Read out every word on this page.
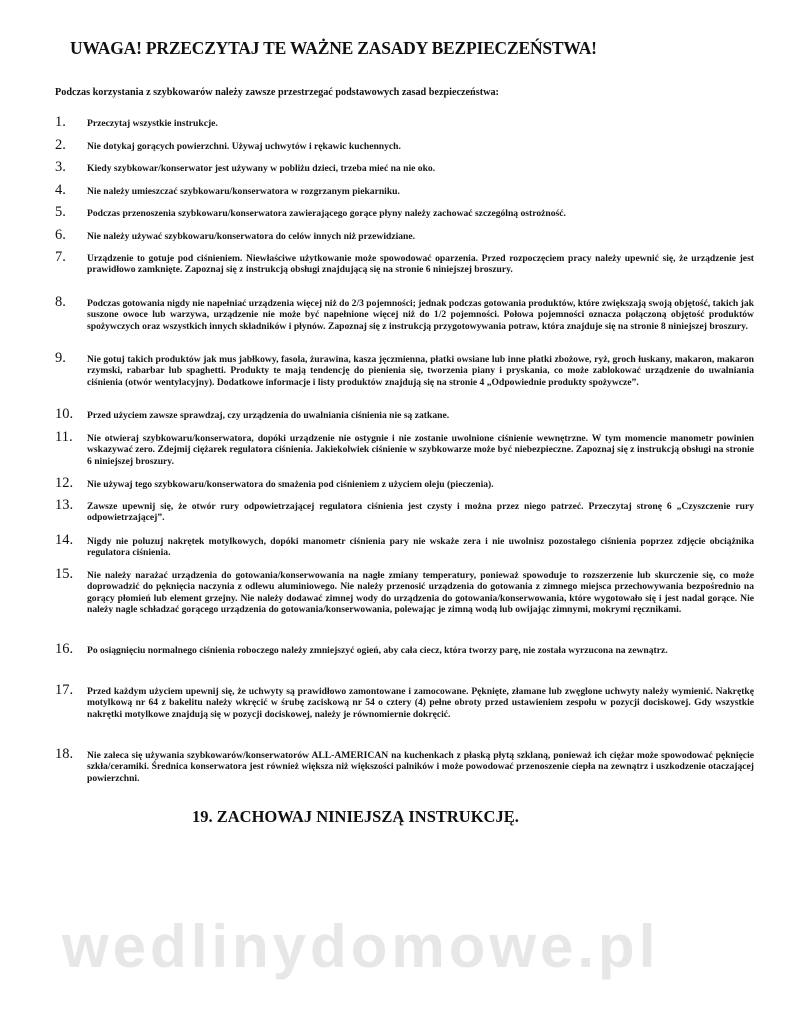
UWAGA! PRZECZYTAJ TE WAŻNE ZASADY BEZPIECZEŃSTWA!
Podczas korzystania z szybkowarów należy zawsze przestrzegać podstawowych zasad bezpieczeństwa:
1. Przeczytaj wszystkie instrukcje.
2. Nie dotykaj gorących powierzchni. Używaj uchwytów i rękawic kuchennych.
3. Kiedy szybkowar/konserwator jest używany w pobliżu dzieci, trzeba mieć na nie oko.
4. Nie należy umieszczać szybkowaru/konserwatora w rozgrzanym piekarniku.
5. Podczas przenoszenia szybkowaru/konserwatora zawierającego gorące płyny należy zachować szczególną ostrożność.
6. Nie należy używać szybkowaru/konserwatora do celów innych niż przewidziane.
7. Urządzenie to gotuje pod ciśnieniem. Niewłaściwe użytkowanie może spowodować oparzenia. Przed rozpoczęciem pracy należy upewnić się, że urządzenie jest prawidłowo zamknięte. Zapoznaj się z instrukcją obsługi znajdującą się na stronie 6 niniejszej broszury.
8. Podczas gotowania nigdy nie napełniać urządzenia więcej niż do 2/3 pojemności; jednak podczas gotowania produktów, które zwiększają swoją objętość, takich jak suszone owoce lub warzywa, urządzenie nie może być napełnione więcej niż do 1/2 pojemności. Połowa pojemności oznacza połączoną objętość produktów spożywczych oraz wszystkich innych składników i płynów. Zapoznaj się z instrukcją przygotowywania potraw, która znajduje się na stronie 8 niniejszej broszury.
9. Nie gotuj takich produktów jak mus jabłkowy, fasola, żurawina, kasza jęczmienna, płatki owsiane lub inne płatki zbożowe, ryż, groch łuskany, makaron, makaron rzymski, rabarbar lub spaghetti. Produkty te mają tendencję do pienienia się, tworzenia piany i pryskania, co może zablokować urządzenie do uwalniania ciśnienia (otwór wentylacyjny). Dodatkowe informacje i listy produktów znajdują się na stronie 4 „Odpowiednie produkty spożywcze”.
10. Przed użyciem zawsze sprawdzaj, czy urządzenia do uwalniania ciśnienia nie są zatkane.
11. Nie otwieraj szybkowaru/konserwatora, dopóki urządzenie nie ostygnie i nie zostanie uwolnione ciśnienie wewnętrzne. W tym momencie manometr powinien wskazywać zero. Zdejmij ciężarek regulatora ciśnienia. Jakiekolwiek ciśnienie w szybkowarze może być niebezpieczne. Zapoznaj się z instrukcją obsługi na stronie 6 niniejszej broszury.
12. Nie używaj tego szybkowaru/konserwatora do smażenia pod ciśnieniem z użyciem oleju (pieczenia).
13. Zawsze upewnij się, że otwór rury odpowietrzającej regulatora ciśnienia jest czysty i można przez niego patrzeć. Przeczytaj stronę 6 „Czyszczenie rury odpowietrzającej”.
14. Nigdy nie poluzuj nakrętek motylkowych, dopóki manometr ciśnienia pary nie wskaże zera i nie uwolnisz pozostałego ciśnienia poprzez zdjęcie obciążnika regulatora ciśnienia.
15. Nie należy narażać urządzenia do gotowania/konserwowania na nagłe zmiany temperatury, ponieważ spowoduje to rozszerzenie lub skurczenie się, co może doprowadzić do pęknięcia naczynia z odlewu aluminiowego. Nie należy przenosić urządzenia do gotowania z zimnego miejsca przechowywania bezpośrednio na gorący płomień lub element grzejny. Nie należy dodawać zimnej wody do urządzenia do gotowania/konserwowania, które wygotowało się i jest nadal gorące. Nie należy nagle schładzać gorącego urządzenia do gotowania/konserwowania, polewając je zimną wodą lub owijając zimnymi, mokrymi ręcznikami.
16. Po osiągnięciu normalnego ciśnienia roboczego należy zmniejszyć ogień, aby cała ciecz, która tworzy parę, nie została wyrzucona na zewnątrz.
17. Przed każdym użyciem upewnij się, że uchwyty są prawidłowo zamontowane i zamocowane. Pęknięte, złamane lub zwęglone uchwyty należy wymienić. Nakrętkę motylkową nr 64 z bakelitu należy wkręcić w śrubę zaciskową nr 54 o cztery (4) pełne obroty przed ustawieniem zespołu w pozycji dociskowej. Gdy wszystkie nakrętki motylkowe znajdują się w pozycji dociskowej, należy je równomiernie dokręcić.
18. Nie zaleca się używania szybkowarów/konserwatorów ALL-AMERICAN na kuchenkach z płaską płytą szklaną, ponieważ ich ciężar może spowodować pęknięcie szkła/ceramiki. Średnica konserwatora jest również większa niż większości palników i może powodować przenoszenie ciepła na zewnątrz i uszkodzenie otaczającej powierzchni.
19. ZACHOWAJ NINIEJSZĄ INSTRUKCJĘ.
wedlinydomowe.pl
